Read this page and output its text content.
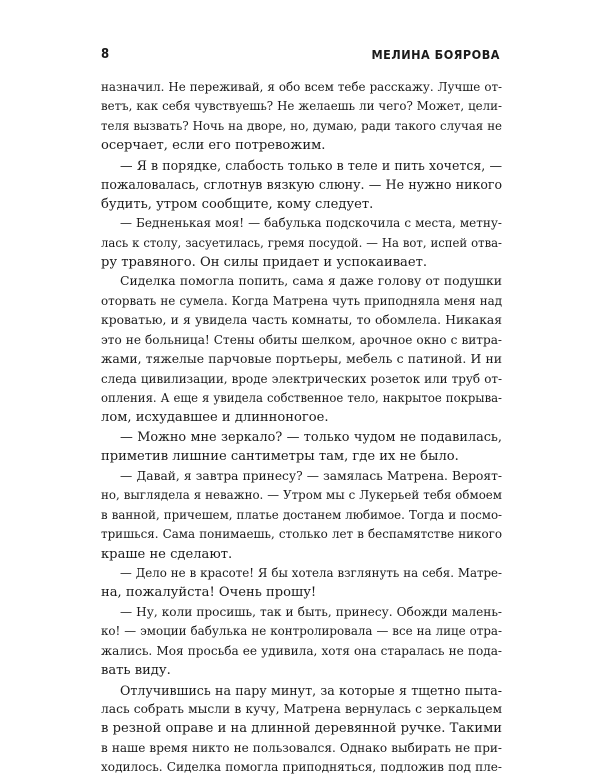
8	МЕЛИНА БОЯРОВА
назначил. Не переживай, я обо всем тебе расскажу. Лучше от-
ветъ, как себя чувствуешь? Не желаешь ли чего? Может, цели-
теля вызвать? Ночь на дворе, но, думаю, ради такого случая не
осерчает, если его потревожим.
— Я в порядке, слабость только в теле и пить хочется, —
пожаловалась, сглотнув вязкую слюну. — Не нужно никого
будить, утром сообщите, кому следует.
— Бедненькая моя! — бабулька подскочила с места, метну-
лась к столу, засуетилась, гремя посудой. — На вот, испей отва-
ру травяного. Он силы придает и успокаивает.
Сиделка помогла попить, сама я даже голову от подушки
оторвать не сумела. Когда Матрена чуть приподняла меня над
кроватью, и я увидела часть комнаты, то обомлела. Никакая
это не больница! Стены обиты шелком, арочное окно с витра-
жами, тяжелые парчовые портьеры, мебель с патиной. И ни
следа цивилизации, вроде электрических розеток или труб от-
опления. А еще я увидела собственное тело, накрытое покрыва-
лом, исхудавшее и длинноногое.
— Можно мне зеркало? — только чудом не подавилась,
приметив лишние сантиметры там, где их не было.
— Давай, я завтра принесу? — замялась Матрена. Вероят-
но, выглядела я неважно. — Утром мы с Лукерьей тебя обмоем
в ванной, причешем, платье достанем любимое. Тогда и посмо-
тришься. Сама понимаешь, столько лет в беспамятстве никого
краше не сделают.
— Дело не в красоте! Я бы хотела взглянуть на себя. Матре-
на, пожалуйста! Очень прошу!
— Ну, коли просишь, так и быть, принесу. Обожди малень-
ко! — эмоции бабулька не контролировала — все на лице отра-
жались. Моя просьба ее удивила, хотя она старалась не пода-
вать виду.
Отлучившись на пару минут, за которые я тщетно пыта-
лась собрать мысли в кучу, Матрена вернулась с зеркальцем
в резной оправе и на длинной деревянной ручке. Такими
в наше время никто не пользовался. Однако выбирать не при-
ходилось. Сиделка помогла приподняться, подложив под пле-
